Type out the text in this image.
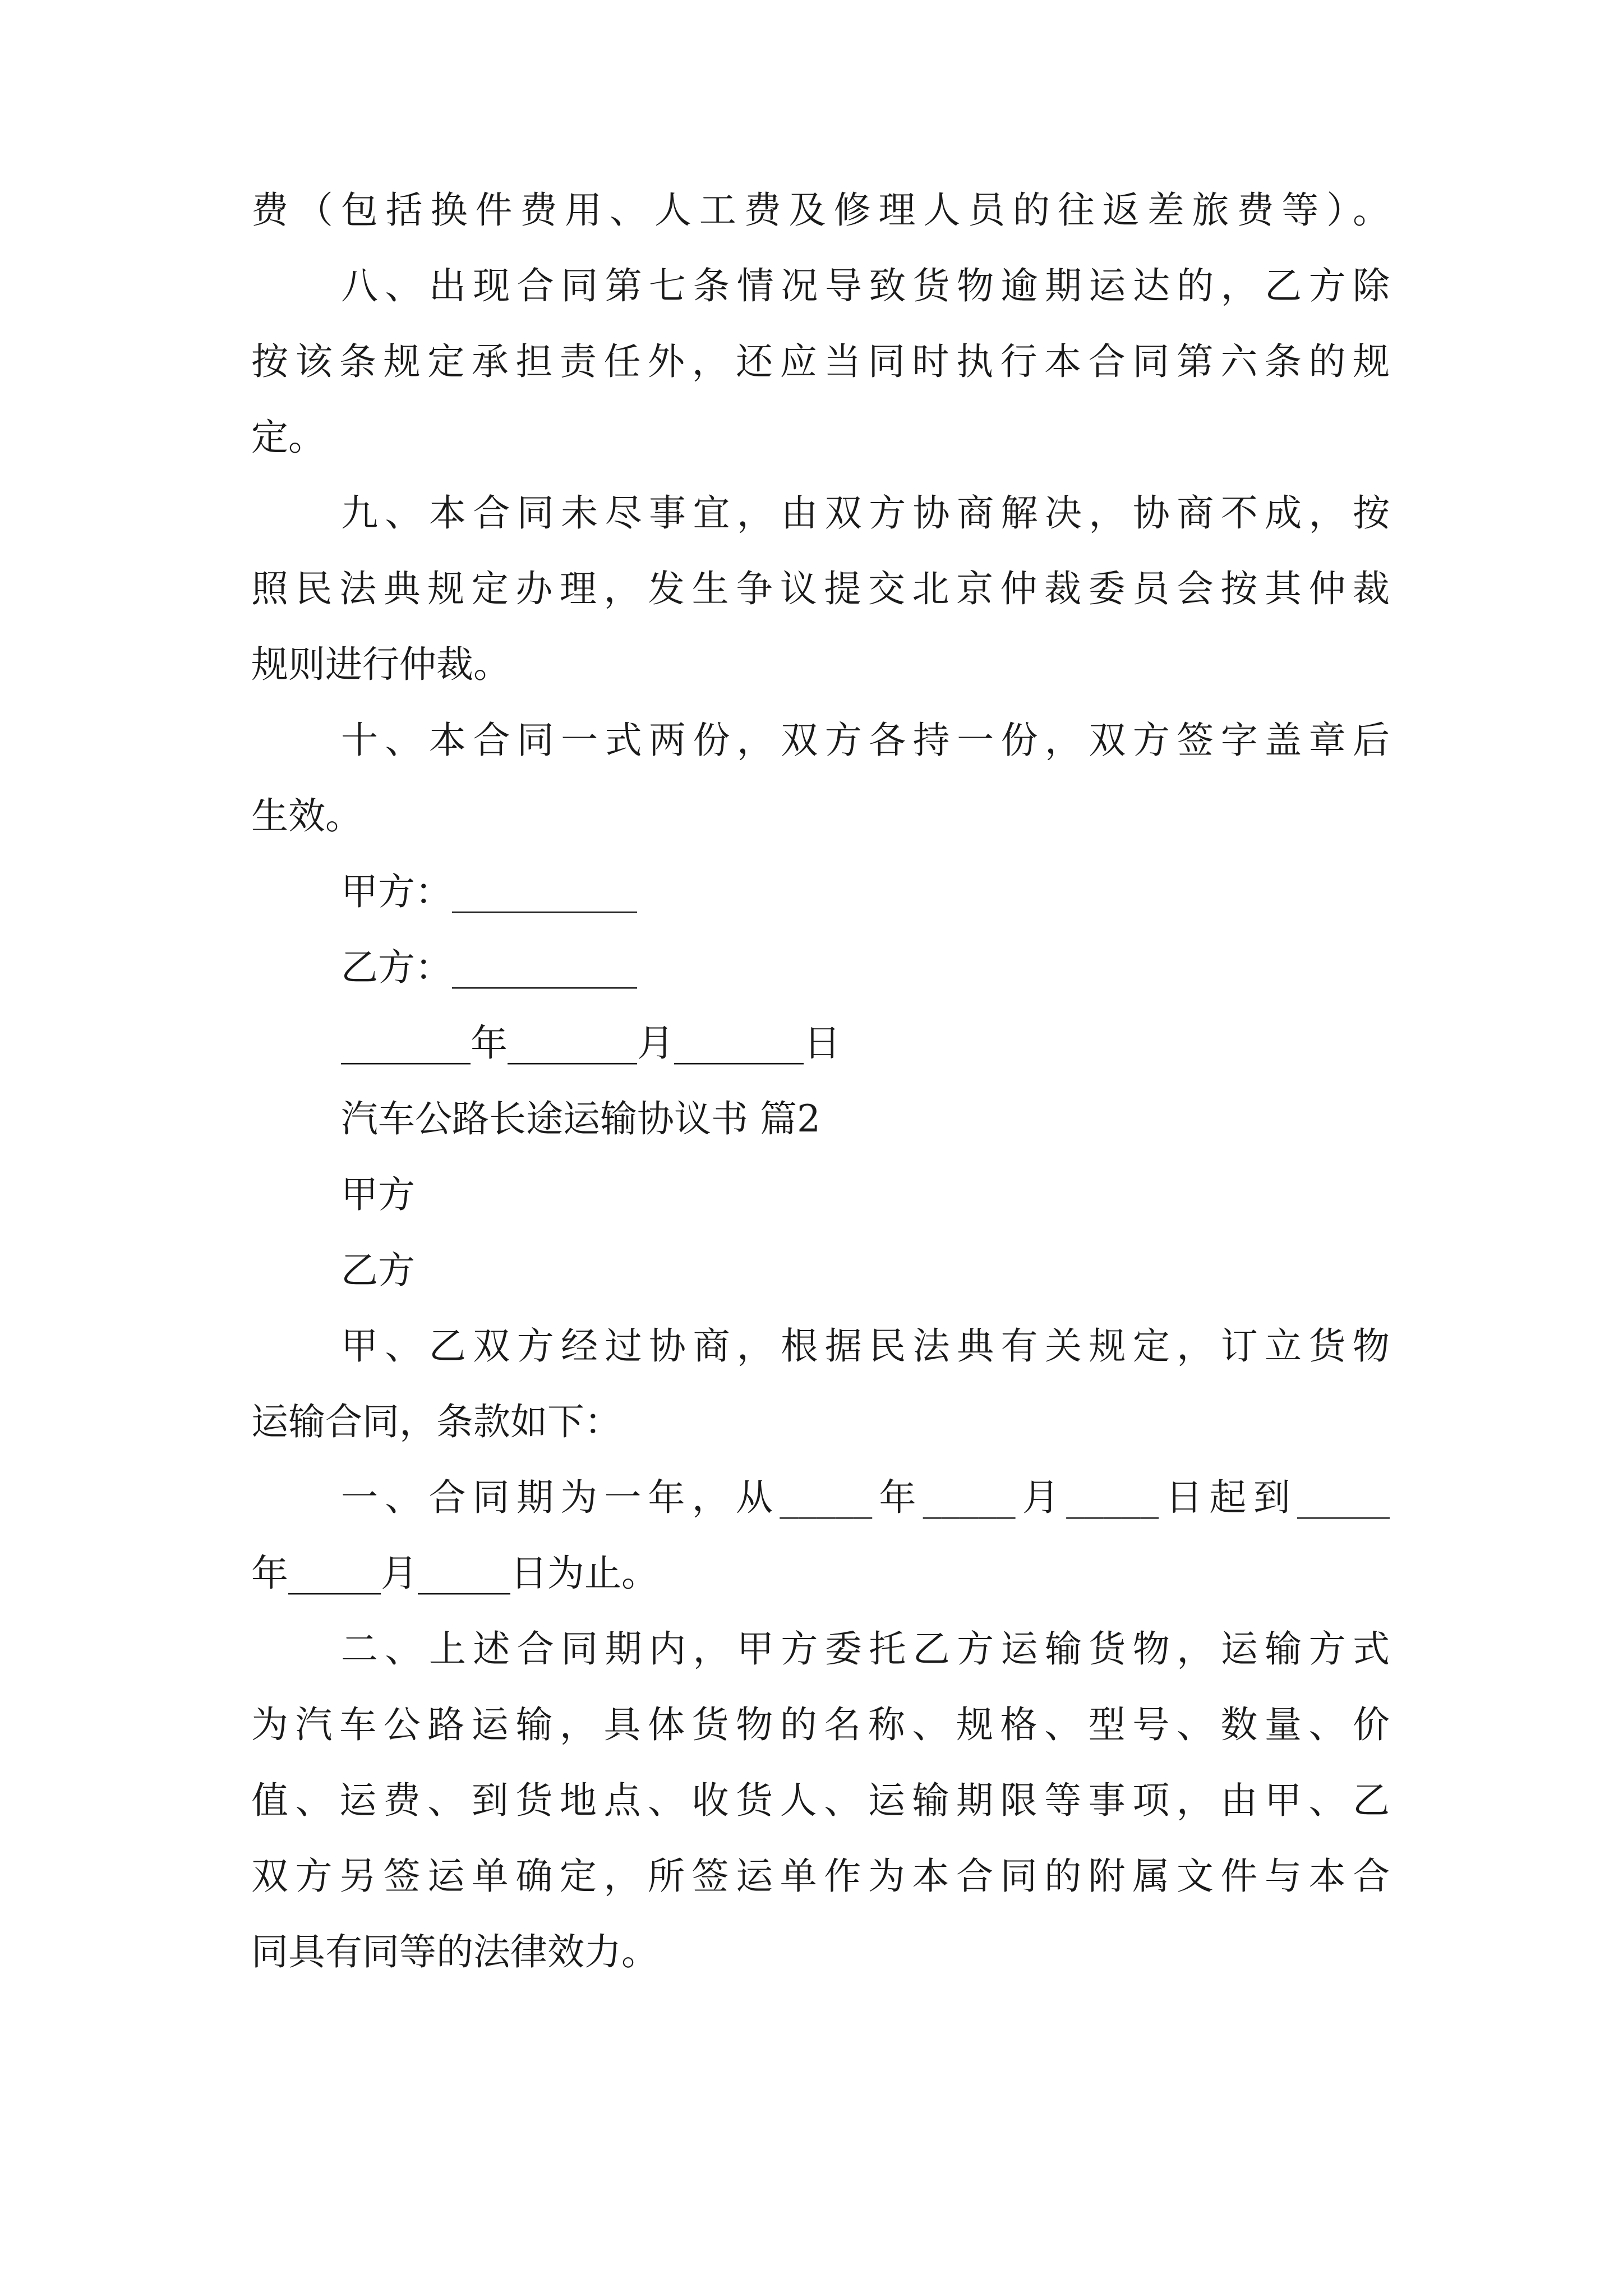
费（包括换件费用、人工费及修理人员的往返差旅费等）。
八、出现合同第七条情况导致货物逾期运达的，乙方除
按该条规定承担责任外，还应当同时执行本合同第六条的规
定。
九、本合同未尽事宜，由双方协商解决，协商不成，按
照民法典规定办理，发生争议提交北京仲裁委员会按其仲裁
规则进行仲裁。
十、本合同一式两份，双方各持一份，双方签字盖章后
生效。
甲方：__________
乙方：__________
_______年_______月_______日
汽车公路长途运输协议书 篇2
甲方
乙方
甲、乙双方经过协商，根据民法典有关规定，订立货物
运输合同，条款如下：
一、合同期为一年，从_____年_____月_____日起到_____
年_____月_____日为止。
二、上述合同期内，甲方委托乙方运输货物，运输方式
为汽车公路运输，具体货物的名称、规格、型号、数量、价
值、运费、到货地点、收货人、运输期限等事项，由甲、乙
双方另签运单确定，所签运单作为本合同的附属文件与本合
同具有同等的法律效力。
